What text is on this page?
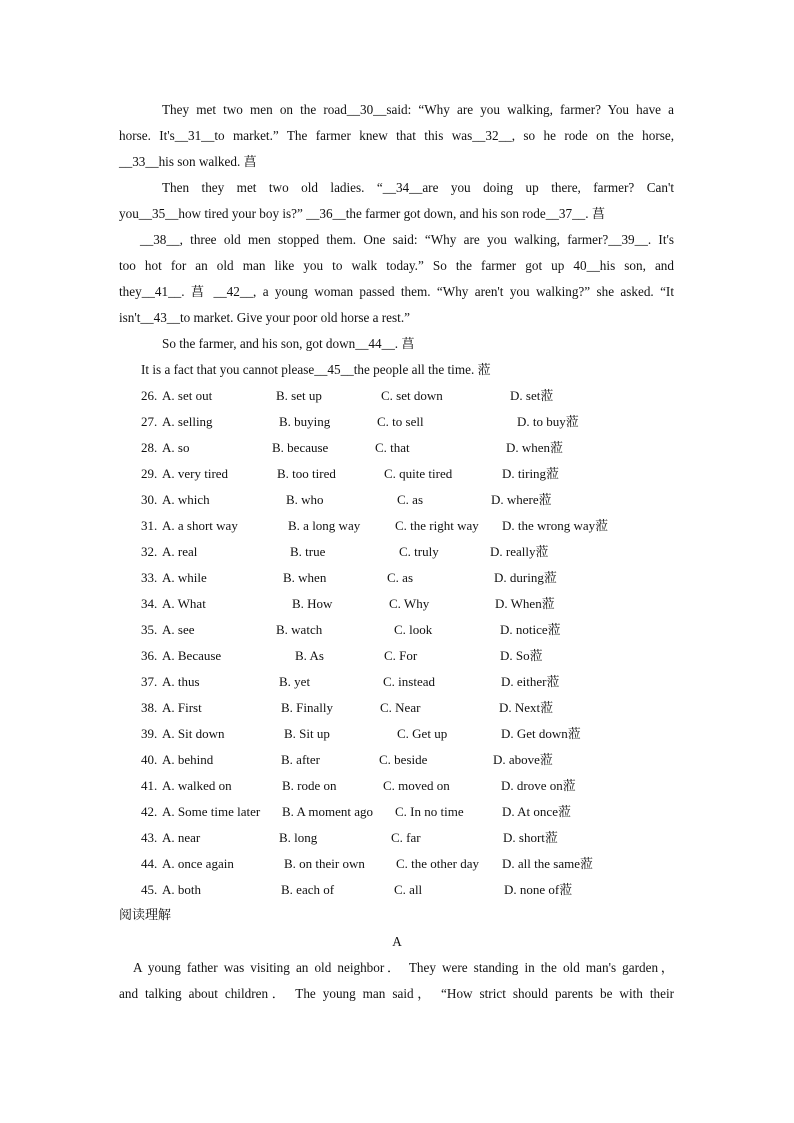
They met two men on the road__30__said: “Why are you walking, farmer? You have a
horse. It's__31__to market.” The farmer knew that this was__32__, so he rode on the horse,
__33__his son walked. 菖
Then they met two old ladies. “__34__are you doing up there, farmer? Can't
you__35__how tired your boy is?” __36__the farmer got down, and his son rode__37__. 菖
__38__, three old men stopped them. One said: “Why are you walking, farmer?__39__. It's
too hot for an old man like you to walk today.” So the farmer got up 40__his son, and
they__41__. 菖 __42__, a young woman passed them. “Why aren't you walking?” she asked. “It
isn't__43__to market. Give your poor old horse a rest.”
So the farmer, and his son, got down__44__. 菖
It is a fact that you cannot please__45__the people all the time. 蒞
26. A. set out	B. set up	C. set down	D. set蒞
27. A. selling	B. buying	C. to sell	D. to buy蒞
28. A. so	B. because	C. that	D. when蒞
29. A. very tired	B. too tired	C. quite tired	D. tiring蒞
30. A. which	B. who	C. as	D. where蒞
31. A. a short way	B. a long way	C. the right way D. the wrong way蒞
32. A. real	B. true	C. truly	D. really蒞
33. A. while	B. when	C. as	D. during蒞
34. A. What	B. How	C. Why	D. When蒞
35. A. see	B. watch	C. look	D. notice蒞
36. A. Because	B. As	C. For	D. So蒞
37. A. thus	B. yet	C. instead	D. either蒞
38. A. First	B. Finally	C. Near	D. Next蒞
39. A. Sit down	B. Sit up	C. Get up	D. Get down蒞
40. A. behind	B. after	C. beside	D. above蒞
41. A. walked on	B. rode on	C. moved on	D. drove on蒞
42. A. Some time later B. A moment ago C. In no time	D. At once蒞
43. A. near	B. long	C. far	D. short蒞
44. A. once again	B. on their own C. the other day D. all the same蒞
45. A. both	B. each of	C. all	D. none of蒞
阅读理解
A
A young father was visiting an old neighbor． They were standing in the old man's garden，
and talking about children． The young man said， “How strict should parents be with their
